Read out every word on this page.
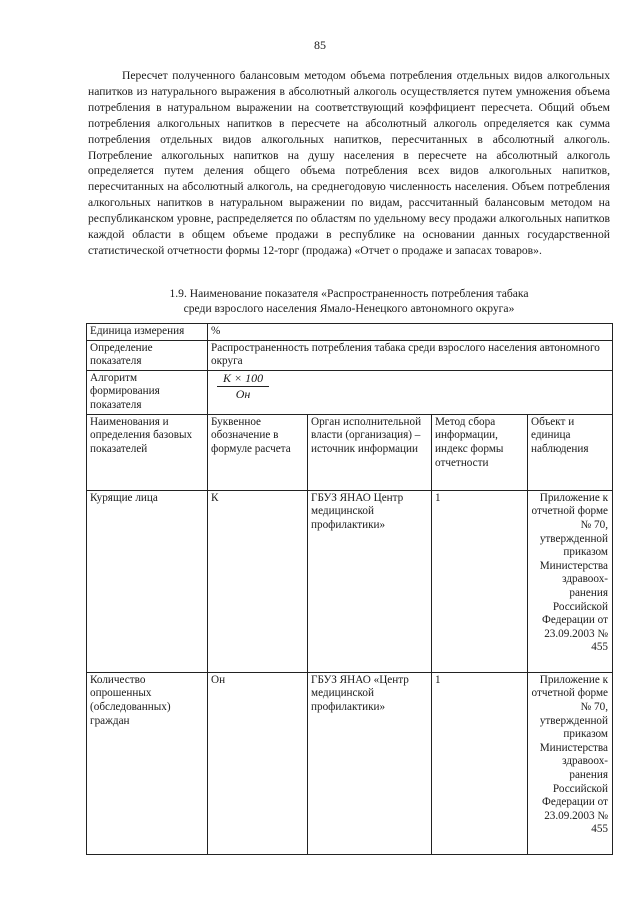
85

Пересчет полученного балансовым методом объема потребления отдельных видов алкогольных напитков из натурального выражения в абсолютный алкоголь осуществляется путем умножения объема потребления в натуральном выражении на соответствующий коэффициент пересчета. Общий объем потребления алкогольных напитков в пересчете на абсолютный алкоголь определяется как сумма потребления отдельных видов алкогольных напитков, пересчитанных в абсолютный алкоголь. Потребление алкогольных напитков на душу населения в пересчете на абсолютный алкоголь определяется путем деления общего объема потребления всех видов алкогольных напитков, пересчитанных на абсолютный алкоголь, на среднегодовую численность населения. Объем потребления алкогольных напитков в натуральном выражении по видам, рассчитанный балансовым методом на республиканском уровне, распределяется по областям по удельному весу продажи алкогольных напитков каждой области в общем объеме продажи в республике на основании данных государственной статистической отчетности формы 12-торг (продажа) «Отчет о продаже и запасах товаров».

1.9. Наименование показателя «Распространенность потребления табака
среди взрослого населения Ямало-Ненецкого автономного округа»
Единица измерения	%			
Определение показателя	Распространенность потребления табака среди взрослого населения автономного округа			
Алгоритм формирования показателя	$\frac{K \times 100}{Он}$

Наименования и определения базовых показателей	Буквенное обозначение в формуле расчета	Орган исполнительной власти (организация) – источник информации	Метод сбора информации, индекс формы отчетности	Объект и единица наблюдения
Курящие лица	К	ГБУЗ ЯНАО Центр медицинской профилактики»	1	Приложение к отчетной форме № 70, утвержденной приказом Министерства здравоох-ранения Российской Федерации от 23.09.2003 № 455
Количество опрошенных (обследованных) граждан	Он	ГБУЗ ЯНАО «Центр медицинской профилактики»	1	Приложение к отчетной форме № 70, утвержденной приказом Министерства здравоох-ранения Российской Федерации от 23.09.2003 № 455
